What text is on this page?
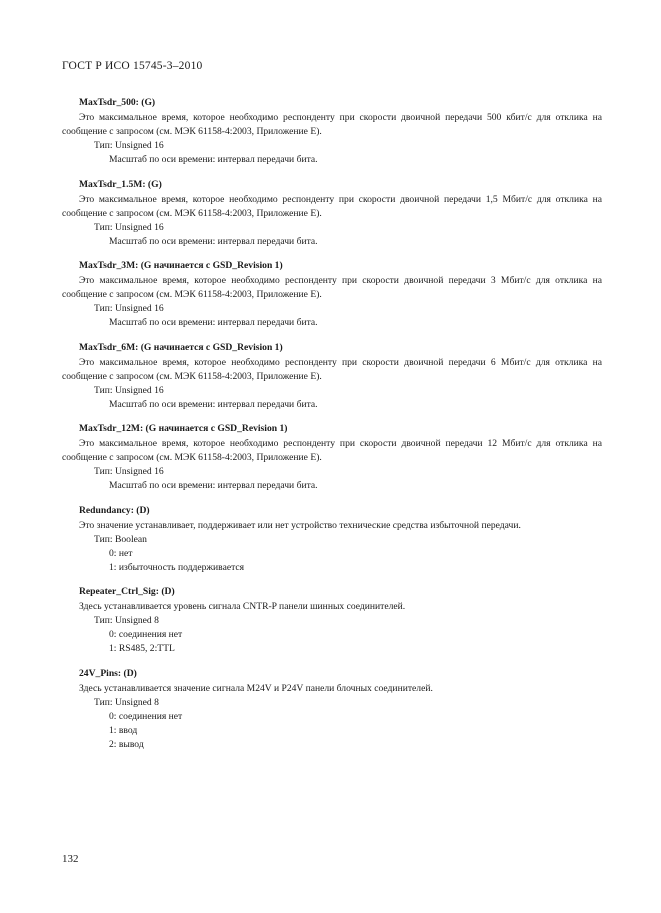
ГОСТ Р ИСО 15745-3–2010
MaxTsdr_500: (G)
Это максимальное время, которое необходимо респонденту при скорости двоичной передачи 500 кбит/с для отклика на сообщение с запросом (см. МЭК 61158-4:2003, Приложение E).
Тип: Unsigned 16
Масштаб по оси времени: интервал передачи бита.
MaxTsdr_1.5M: (G)
Это максимальное время, которое необходимо респонденту при скорости двоичной передачи 1,5 Мбит/с для отклика на сообщение с запросом (см. МЭК 61158-4:2003, Приложение E).
Тип: Unsigned 16
Масштаб по оси времени: интервал передачи бита.
MaxTsdr_3M: (G начинается с GSD_Revision 1)
Это максимальное время, которое необходимо респонденту при скорости двоичной передачи 3 Мбит/с для отклика на сообщение с запросом (см. МЭК 61158-4:2003, Приложение E).
Тип: Unsigned 16
Масштаб по оси времени: интервал передачи бита.
MaxTsdr_6M: (G начинается с GSD_Revision 1)
Это максимальное время, которое необходимо респонденту при скорости двоичной передачи 6 Мбит/с для отклика на сообщение с запросом (см. МЭК 61158-4:2003, Приложение E).
Тип: Unsigned 16
Масштаб по оси времени: интервал передачи бита.
MaxTsdr_12M: (G начинается с GSD_Revision 1)
Это максимальное время, которое необходимо респонденту при скорости двоичной передачи 12 Мбит/с для отклика на сообщение с запросом (см. МЭК 61158-4:2003, Приложение E).
Тип: Unsigned 16
Масштаб по оси времени: интервал передачи бита.
Redundancy: (D)
Это значение устанавливает, поддерживает или нет устройство технические средства избыточной передачи.
Тип: Boolean
0: нет
1: избыточность поддерживается
Repeater_Ctrl_Sig: (D)
Здесь устанавливается уровень сигнала CNTR-P панели шинных соединителей.
Тип: Unsigned 8
0: соединения нет
1: RS485, 2:TTL
24V_Pins: (D)
Здесь устанавливается значение сигнала M24V и P24V панели блочных соединителей.
Тип: Unsigned 8
0: соединения нет
1: ввод
2: вывод
132
